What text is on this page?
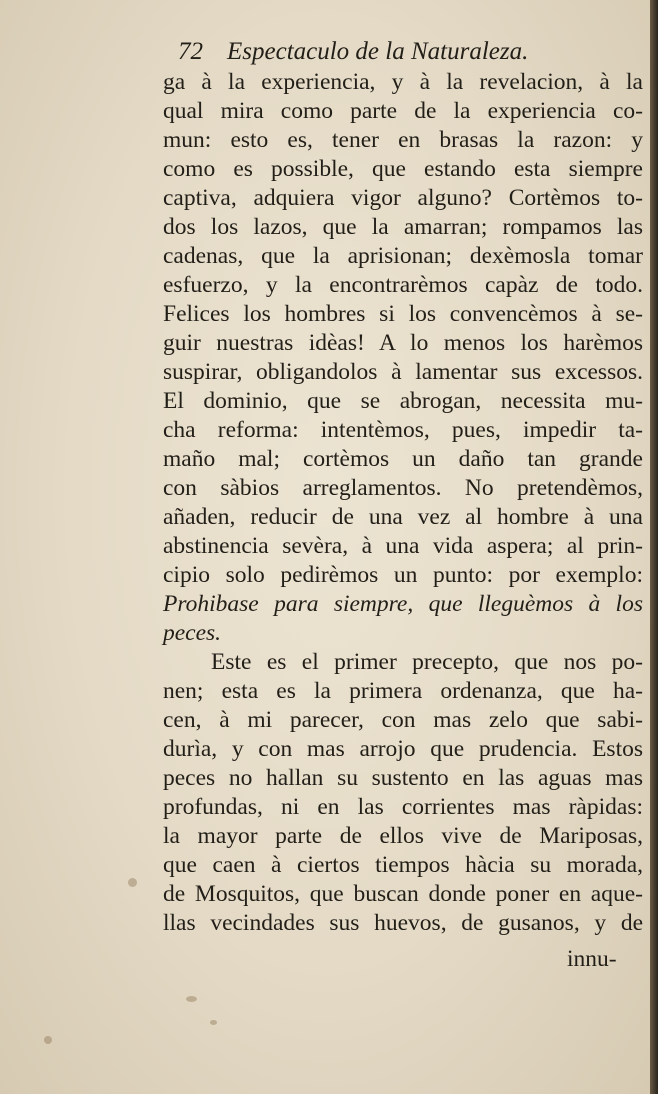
72 Espectaculo de la Naturaleza.
ga à la experiencia, y à la revelacion, à la
qual mira como parte de la experiencia co-
mun: esto es, tener en brasas la razon: y
como es possible, que estando esta siempre
captiva, adquiera vigor alguno? Cortèmos to-
dos los lazos, que la amarran; rompamos las
cadenas, que la aprisionan; dexèmosla tomar
esfuerzo, y la encontrarèmos capàz de todo.
Felices los hombres si los convencèmos à se-
guir nuestras idèas! A lo menos los harèmos
suspirar, obligandolos à lamentar sus excessos.
El dominio, que se abrogan, necessita mu-
cha reforma: intentèmos, pues, impedir ta-
maño mal; cortèmos un daño tan grande
con sàbios arreglamentos. No pretendèmos,
añaden, reducir de una vez al hombre à una
abstinencia sevèra, à una vida aspera; al prin-
cipio solo pedirèmos un punto: por exemplo:
Prohibase para siempre, que lleguèmos à los
peces.
Este es el primer precepto, que nos po-
nen; esta es la primera ordenanza, que ha-
cen, à mi parecer, con mas zelo que sabi-
durìa, y con mas arrojo que prudencia. Estos
peces no hallan su sustento en las aguas mas
profundas, ni en las corrientes mas ràpidas:
la mayor parte de ellos vive de Mariposas,
que caen à ciertos tiempos hàcia su morada,
de Mosquitos, que buscan donde poner en aque-
llas vecindades sus huevos, de gusanos, y de
innu-
